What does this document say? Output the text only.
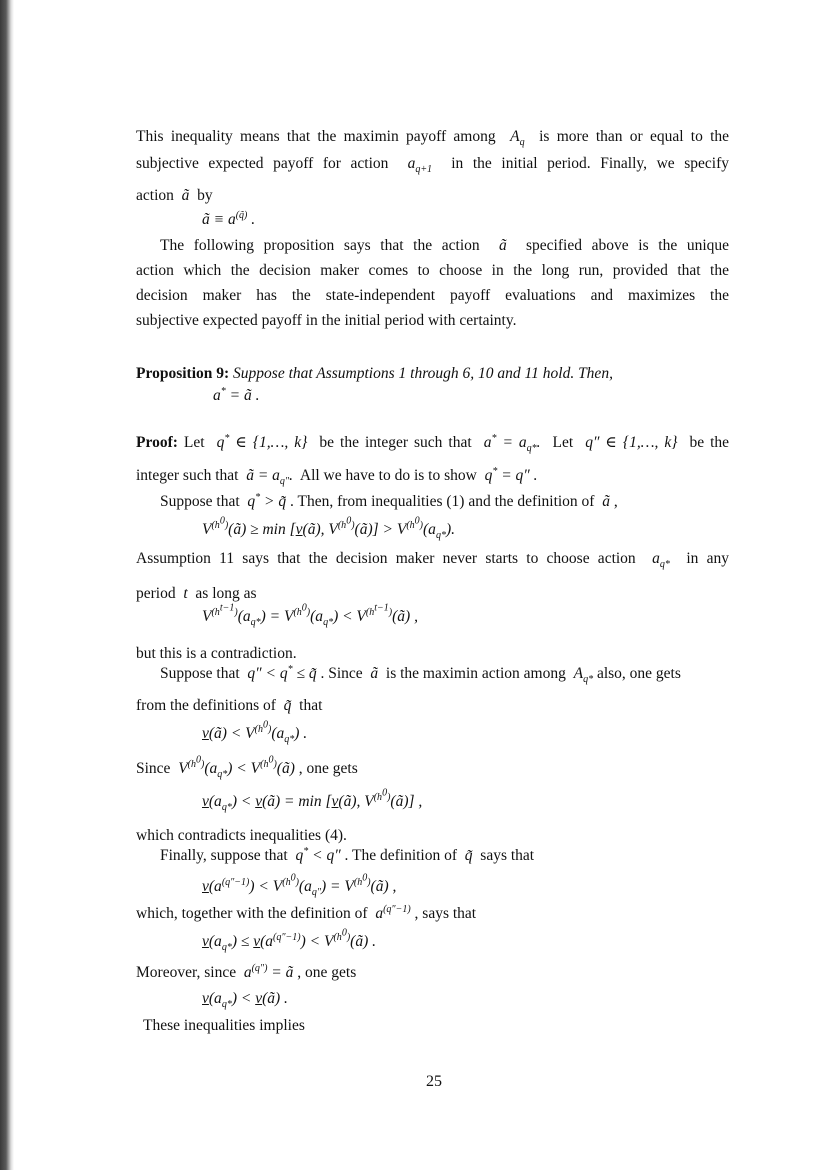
This inequality means that the maximin payoff among $A_q$ is more than or equal to the
subjective expected payoff for action $a_{q+1}$ in the initial period. Finally, we specify
action ã by
ã ≡ $a^{(q̃)}$ .
The following proposition says that the action ã specified above is the unique
action which the decision maker comes to choose in the long run, provided that the
decision maker has the state-independent payoff evaluations and maximizes the
subjective expected payoff in the initial period with certainty.
Proposition 9: Suppose that Assumptions 1 through 6, 10 and 11 hold. Then,
a* = ã .
Proof: Let q* ∈ {1,…, k} be the integer such that $a^* = a_{q*}$. Let q″ ∈ {1,…, k} be the
integer such that ã = $a_{q''}$. All we have to do is to show q* = q″ .
Suppose that q* > q̃ . Then, from inequalities (1) and the definition of ã ,
$V^{(h^0)}(ã) \ge \min$ [v(ã), $V^{(h^0)}(ã)] > V^{(h^0)}(a_{q*})$.
Assumption 11 says that the decision maker never starts to choose action $a_{q*}$ in any
period t as long as
$V^{(h^{t-1})}(a_{q*}) = V^{(h^0)}(a_{q*})$ < $V^{(h^{t-1})}(ã)$ ,
but this is a contradiction.
Suppose that q″ < q* ≤ q̃ . Since ã is the maximin action among $A_{q*}$ also, one gets
from the definitions of q̃ that
v(ã) < $V^{(h^0)}(a_{q*})$ .
Since $V^{(h^0)}(a_{q*})$ < $V^{(h^0)}(ã)$ , one gets
$v(a_{q*})$ < v(ã) = min [v(ã), $V^{(h^0)}(ã)$] ,
which contradicts inequalities (4).
Finally, suppose that q* < q″ . The definition of q̃ says that
$v(a^{(q''-1)}) < V^{(h^0)}(a_{q''})$ = $V^{(h^0)}(ã)$ ,
which, together with the definition of $a^{(q''-1)}$ , says that
$v(a_{q*}) \le v(a^{(q''-1)})$ < $V^{(h^0)}(ã)$ .
Moreover, since $a^{(q'')}$ = ã , one gets
$v(a_{q*})$ < v(ã) .
These inequalities implies
25
